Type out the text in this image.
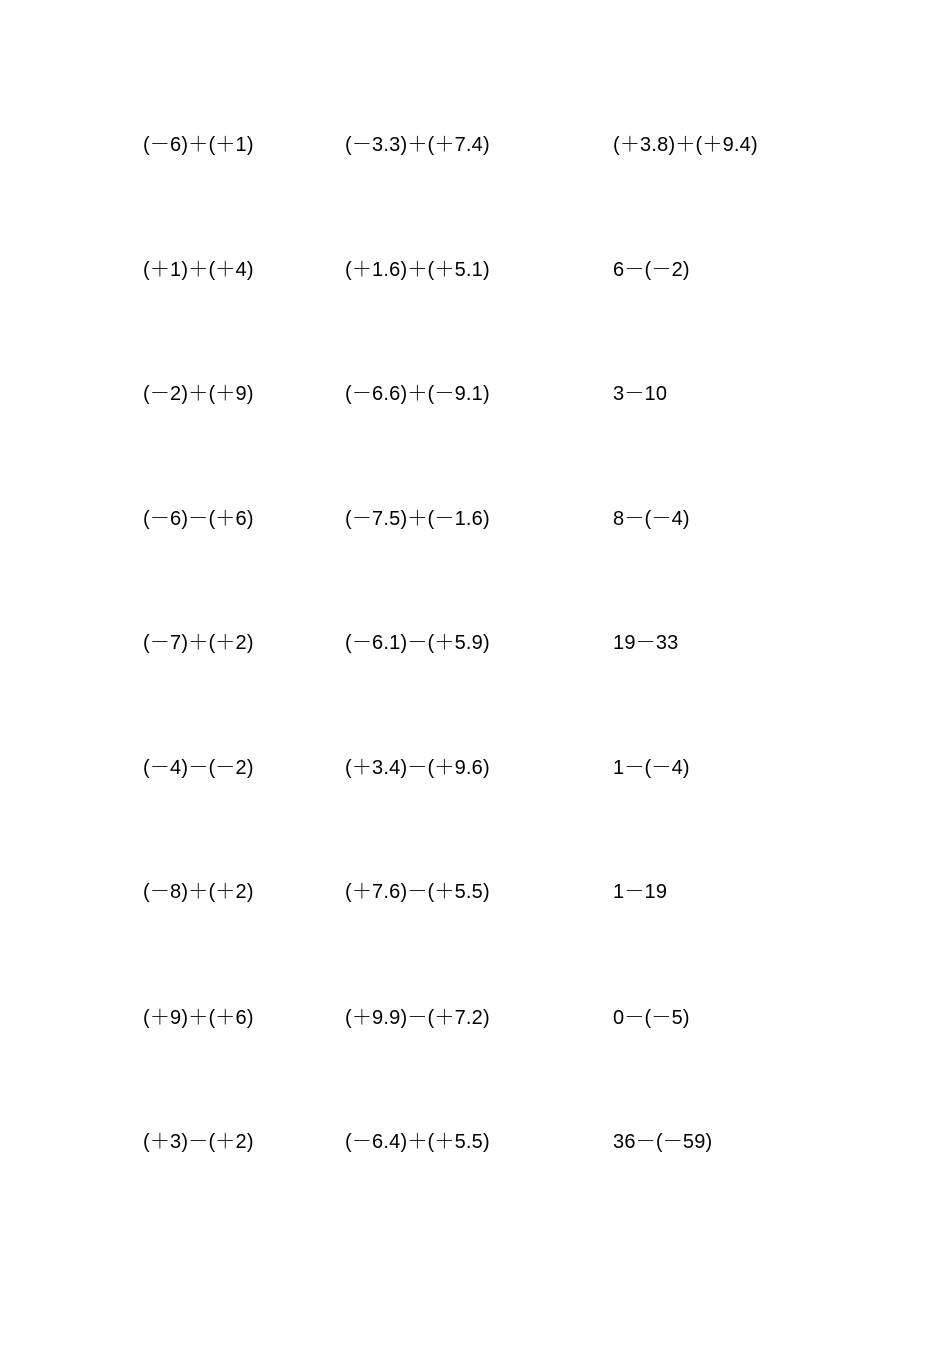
(－6)＋(＋1)	(－3.3)＋(＋7.4)	(＋3.8)＋(＋9.4)
(＋1)＋(＋4)	(＋1.6)＋(＋5.1)	6－(－2)
(－2)＋(＋9)	(－6.6)＋(－9.1)	3－10
(－6)－(＋6)	(－7.5)＋(－1.6)	8－(－4)
(－7)＋(＋2)	(－6.1)－(＋5.9)	19－33
(－4)－(－2)	(＋3.4)－(＋9.6)	1－(－4)
(－8)＋(＋2)	(＋7.6)－(＋5.5)	1－19
(＋9)＋(＋6)	(＋9.9)－(＋7.2)	0－(－5)
(＋3)－(＋2)	(－6.4)＋(＋5.5)	36－(－59)
